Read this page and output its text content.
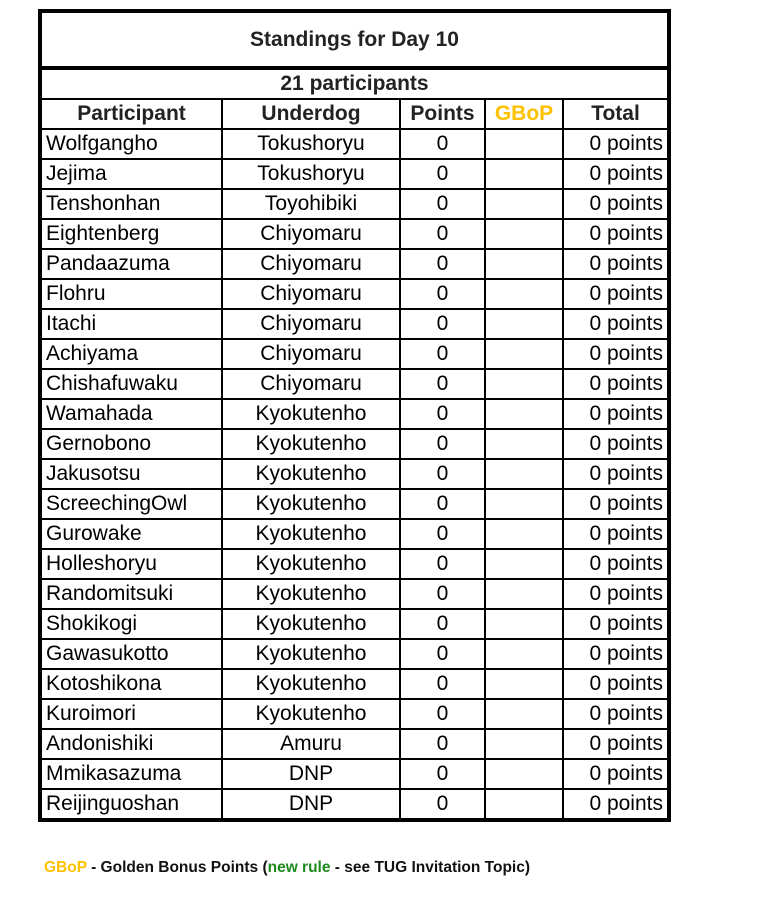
Standings for Day 10				
21 participants				
Participant	Underdog	Points	GBoP	Total
Wolfgangho	Tokushoryu	0		0 points
Jejima	Tokushoryu	0		0 points
Tenshonhan	Toyohibiki	0		0 points
Eightenberg	Chiyomaru	0		0 points
Pandaazuma	Chiyomaru	0		0 points
Flohru	Chiyomaru	0		0 points
Itachi	Chiyomaru	0		0 points
Achiyama	Chiyomaru	0		0 points
Chishafuwaku	Chiyomaru	0		0 points
Wamahada	Kyokutenho	0		0 points
Gernobono	Kyokutenho	0		0 points
Jakusotsu	Kyokutenho	0		0 points
ScreechingOwl	Kyokutenho	0		0 points
Gurowake	Kyokutenho	0		0 points
Holleshoryu	Kyokutenho	0		0 points
Randomitsuki	Kyokutenho	0		0 points
Shokikogi	Kyokutenho	0		0 points
Gawasukotto	Kyokutenho	0		0 points
Kotoshikona	Kyokutenho	0		0 points
Kuroimori	Kyokutenho	0		0 points
Andonishiki	Amuru	0		0 points
Mmikasazuma	DNP	0		0 points
Reijinguoshan	DNP	0		0 points
GBoP - Golden Bonus Points (new rule - see TUG Invitation Topic)
